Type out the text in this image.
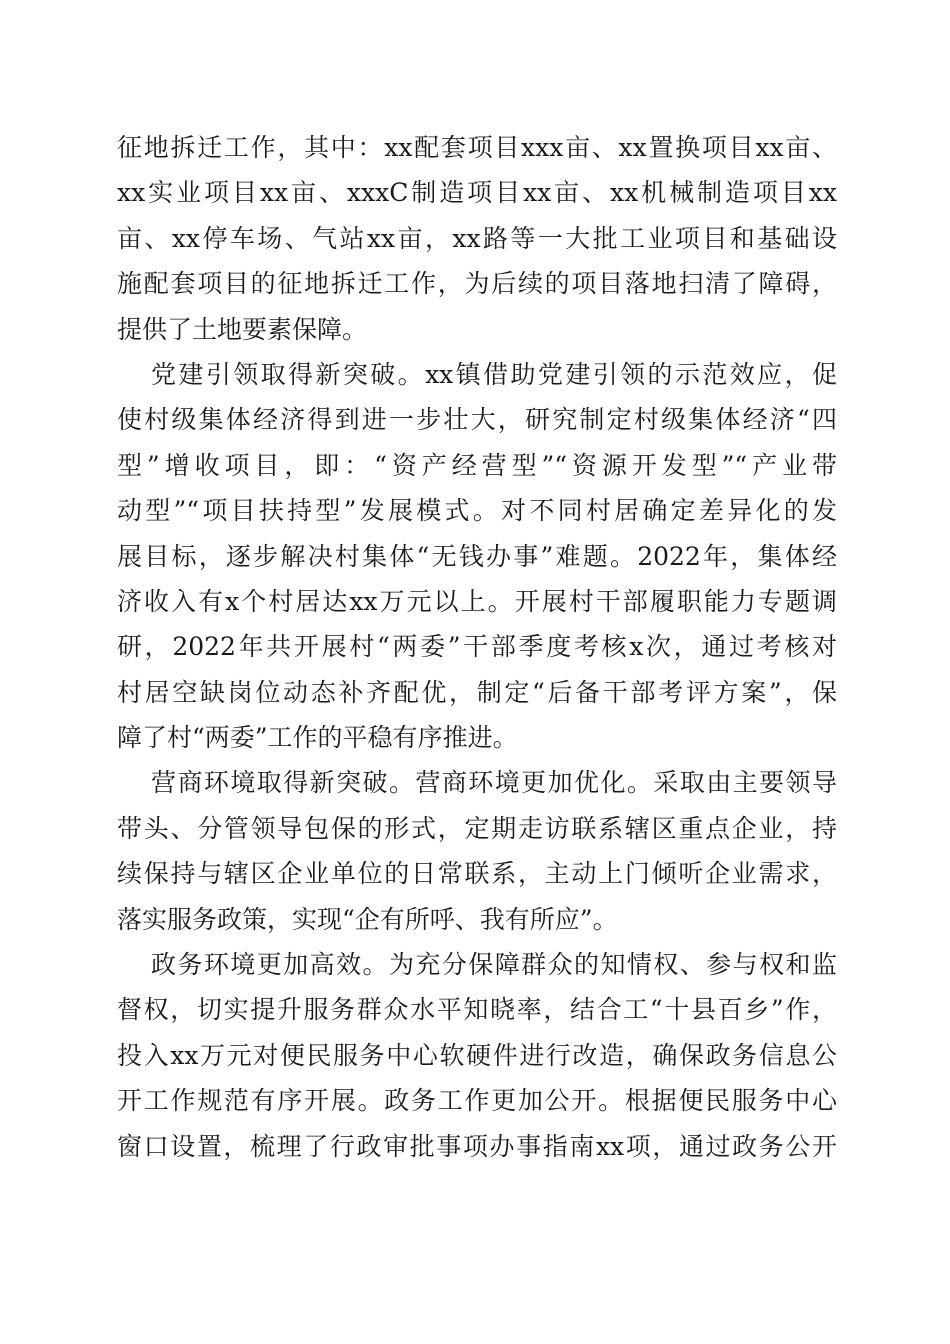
征地拆迁工作，其中：xx配套项目xxx亩、xx置换项目xx亩、
xx实业项目xx亩、xxxC制造项目xx亩、xx机械制造项目xx
亩、xx停车场、气站xx亩，xx路等一大批工业项目和基础设
施配套项目的征地拆迁工作，为后续的项目落地扫清了障碍，
提供了土地要素保障。
党建引领取得新突破。xx镇借助党建引领的示范效应，促
使村级集体经济得到进一步壮大，研究制定村级集体经济“四
型”增收项目，即：“资产经营型”“资源开发型”“产业带
动型”“项目扶持型”发展模式。对不同村居确定差异化的发
展目标，逐步解决村集体“无钱办事”难题。2022年，集体经
济收入有x个村居达xx万元以上。开展村干部履职能力专题调
研，2022年共开展村“两委”干部季度考核x次，通过考核对
村居空缺岗位动态补齐配优，制定“后备干部考评方案”，保
障了村“两委”工作的平稳有序推进。
营商环境取得新突破。营商环境更加优化。采取由主要领导
带头、分管领导包保的形式，定期走访联系辖区重点企业，持
续保持与辖区企业单位的日常联系，主动上门倾听企业需求，
落实服务政策，实现“企有所呼、我有所应”。
政务环境更加高效。为充分保障群众的知情权、参与权和监
督权，切实提升服务群众水平知晓率，结合工“十县百乡”作，
投入xx万元对便民服务中心软硬件进行改造，确保政务信息公
开工作规范有序开展。政务工作更加公开。根据便民服务中心
窗口设置，梳理了行政审批事项办事指南xx项，通过政务公开
